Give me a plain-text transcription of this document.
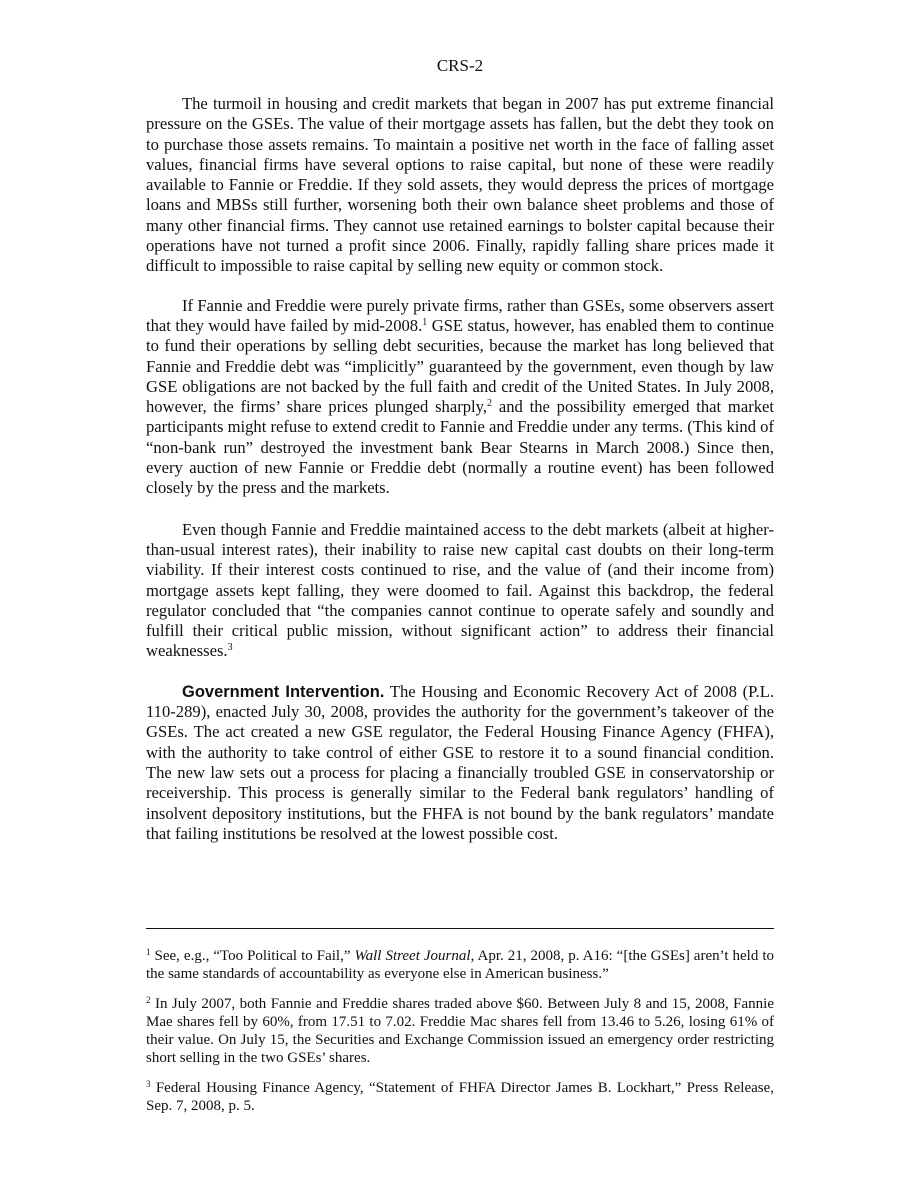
CRS-2

The turmoil in housing and credit markets that began in 2007 has put extreme financial pressure on the GSEs. The value of their mortgage assets has fallen, but the debt they took on to purchase those assets remains. To maintain a positive net worth in the face of falling asset values, financial firms have several options to raise capital, but none of these were readily available to Fannie or Freddie. If they sold assets, they would depress the prices of mortgage loans and MBSs still further, worsening both their own balance sheet problems and those of many other financial firms. They cannot use retained earnings to bolster capital because their operations have not turned a profit since 2006. Finally, rapidly falling share prices made it difficult to impossible to raise capital by selling new equity or common stock.

If Fannie and Freddie were purely private firms, rather than GSEs, some observers assert that they would have failed by mid-2008.$^1$ GSE status, however, has enabled them to continue to fund their operations by selling debt securities, because the market has long believed that Fannie and Freddie debt was “implicitly” guaranteed by the government, even though by law GSE obligations are not backed by the full faith and credit of the United States. In July 2008, however, the firms’ share prices plunged sharply,$^2$ and the possibility emerged that market participants might refuse to extend credit to Fannie and Freddie under any terms. (This kind of “non-bank run” destroyed the investment bank Bear Stearns in March 2008.) Since then, every auction of new Fannie or Freddie debt (normally a routine event) has been followed closely by the press and the markets.

Even though Fannie and Freddie maintained access to the debt markets (albeit at higher-than-usual interest rates), their inability to raise new capital cast doubts on their long-term viability. If their interest costs continued to rise, and the value of (and their income from) mortgage assets kept falling, they were doomed to fail. Against this backdrop, the federal regulator concluded that “the companies cannot continue to operate safely and soundly and fulfill their critical public mission, without significant action” to address their financial weaknesses.$^3$

Government Intervention. The Housing and Economic Recovery Act of 2008 (P.L. 110-289), enacted July 30, 2008, provides the authority for the government’s takeover of the GSEs. The act created a new GSE regulator, the Federal Housing Finance Agency (FHFA), with the authority to take control of either GSE to restore it to a sound financial condition. The new law sets out a process for placing a financially troubled GSE in conservatorship or receivership. This process is generally similar to the Federal bank regulators’ handling of insolvent depository institutions, but the FHFA is not bound by the bank regulators’ mandate that failing institutions be resolved at the lowest possible cost.

$^1$ See, e.g., “Too Political to Fail,” Wall Street Journal, Apr. 21, 2008, p. A16: “[the GSEs] aren’t held to the same standards of accountability as everyone else in American business.”

$^2$ In July 2007, both Fannie and Freddie shares traded above $60. Between July 8 and 15, 2008, Fannie Mae shares fell by 60%, from 17.51 to 7.02. Freddie Mac shares fell from 13.46 to 5.26, losing 61% of their value. On July 15, the Securities and Exchange Commission issued an emergency order restricting short selling in the two GSEs’ shares.

$^3$ Federal Housing Finance Agency, “Statement of FHFA Director James B. Lockhart,” Press Release, Sep. 7, 2008, p. 5.
